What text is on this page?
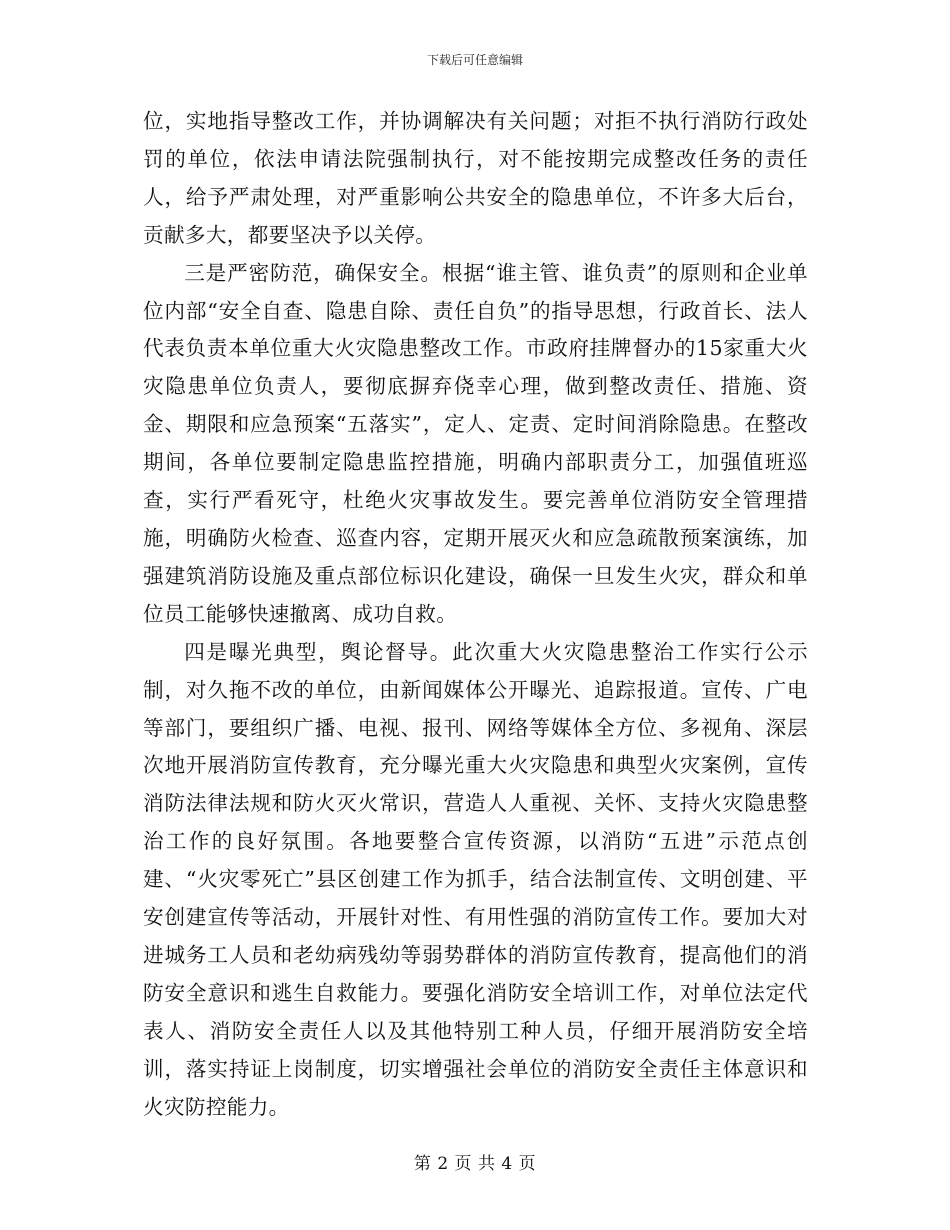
下载后可任意编辑

位，实地指导整改工作，并协调解决有关问题；对拒不执行消防行政处罚的单位，依法申请法院强制执行，对不能按期完成整改任务的责任人，给予严肃处理，对严重影响公共安全的隐患单位，不许多大后台，贡献多大，都要坚决予以关停。

三是严密防范，确保安全。根据“谁主管、谁负责”的原则和企业单位内部“安全自查、隐患自除、责任自负”的指导思想，行政首长、法人代表负责本单位重大火灾隐患整改工作。市政府挂牌督办的15家重大火灾隐患单位负责人，要彻底摒弃侥幸心理，做到整改责任、措施、资金、期限和应急预案“五落实”，定人、定责、定时间消除隐患。在整改期间，各单位要制定隐患监控措施，明确内部职责分工，加强值班巡查，实行严看死守，杜绝火灾事故发生。要完善单位消防安全管理措施，明确防火检查、巡查内容，定期开展灭火和应急疏散预案演练，加强建筑消防设施及重点部位标识化建设，确保一旦发生火灾，群众和单位员工能够快速撤离、成功自救。

四是曝光典型，舆论督导。此次重大火灾隐患整治工作实行公示制，对久拖不改的单位，由新闻媒体公开曝光、追踪报道。宣传、广电等部门，要组织广播、电视、报刊、网络等媒体全方位、多视角、深层次地开展消防宣传教育，充分曝光重大火灾隐患和典型火灾案例，宣传消防法律法规和防火灭火常识，营造人人重视、关怀、支持火灾隐患整治工作的良好氛围。各地要整合宣传资源，以消防“五进”示范点创建、“火灾零死亡”县区创建工作为抓手，结合法制宣传、文明创建、平安创建宣传等活动，开展针对性、有用性强的消防宣传工作。要加大对进城务工人员和老幼病残幼等弱势群体的消防宣传教育，提高他们的消防安全意识和逃生自救能力。要强化消防安全培训工作，对单位法定代表人、消防安全责任人以及其他特别工种人员，仔细开展消防安全培训，落实持证上岗制度，切实增强社会单位的消防安全责任主体意识和火灾防控能力。

第 2 页 共 4 页
